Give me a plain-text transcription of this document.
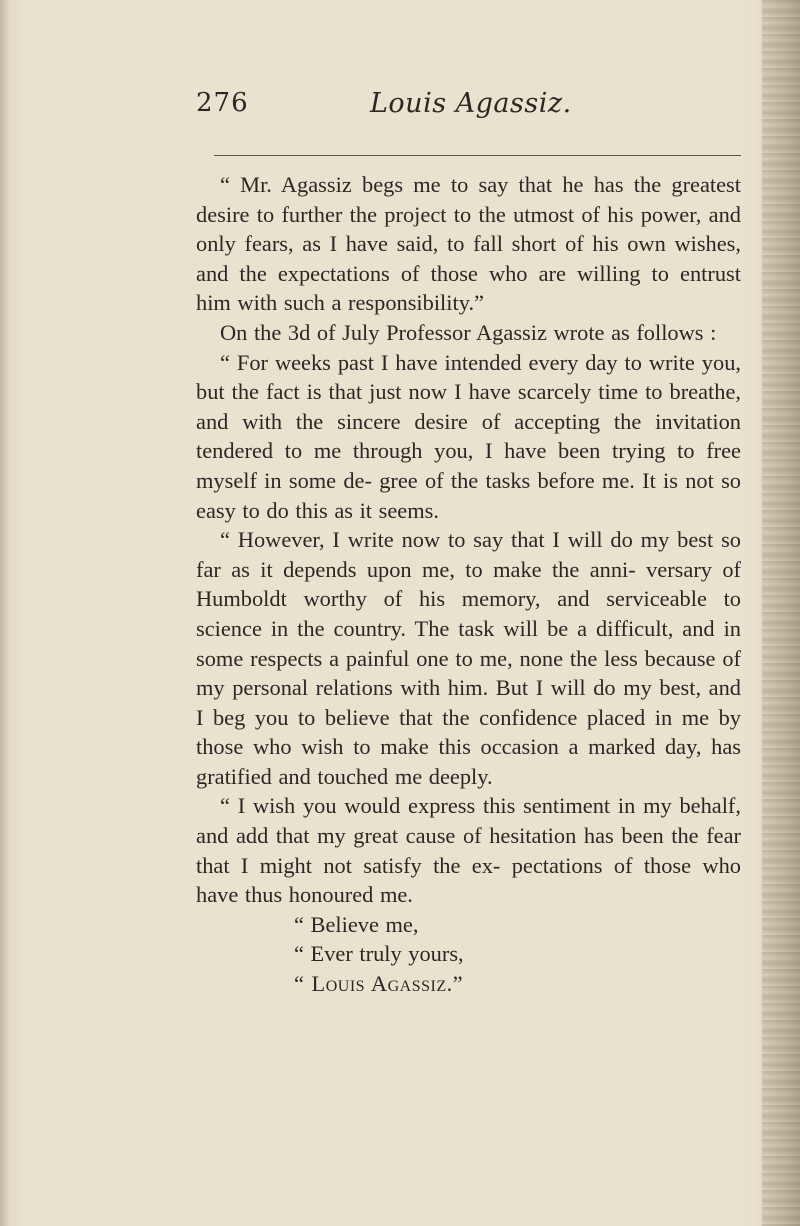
276	Louis Agassiz.

“ Mr. Agassiz begs me to say that he has the greatest desire to further the project to the utmost of his power, and only fears, as I have said, to fall short of his own wishes, and the expectations of those who are willing to entrust him with such a responsibility.”

On the 3d of July Professor Agassiz wrote as follows :

“ For weeks past I have intended every day to write you, but the fact is that just now I have scarcely time to breathe, and with the sincere desire of accepting the invitation tendered to me through you, I have been trying to free myself in some de- gree of the tasks before me. It is not so easy to do this as it seems.

“ However, I write now to say that I will do my best so far as it depends upon me, to make the anni- versary of Humboldt worthy of his memory, and serviceable to science in the country. The task will be a difficult, and in some respects a painful one to me, none the less because of my personal relations with him. But I will do my best, and I beg you to believe that the confidence placed in me by those who wish to make this occasion a marked day, has gratified and touched me deeply.

“ I wish you would express this sentiment in my behalf, and add that my great cause of hesitation has been the fear that I might not satisfy the ex- pectations of those who have thus honoured me.

“ Believe me,

“ Ever truly yours,

“ Louis Agassiz.”
